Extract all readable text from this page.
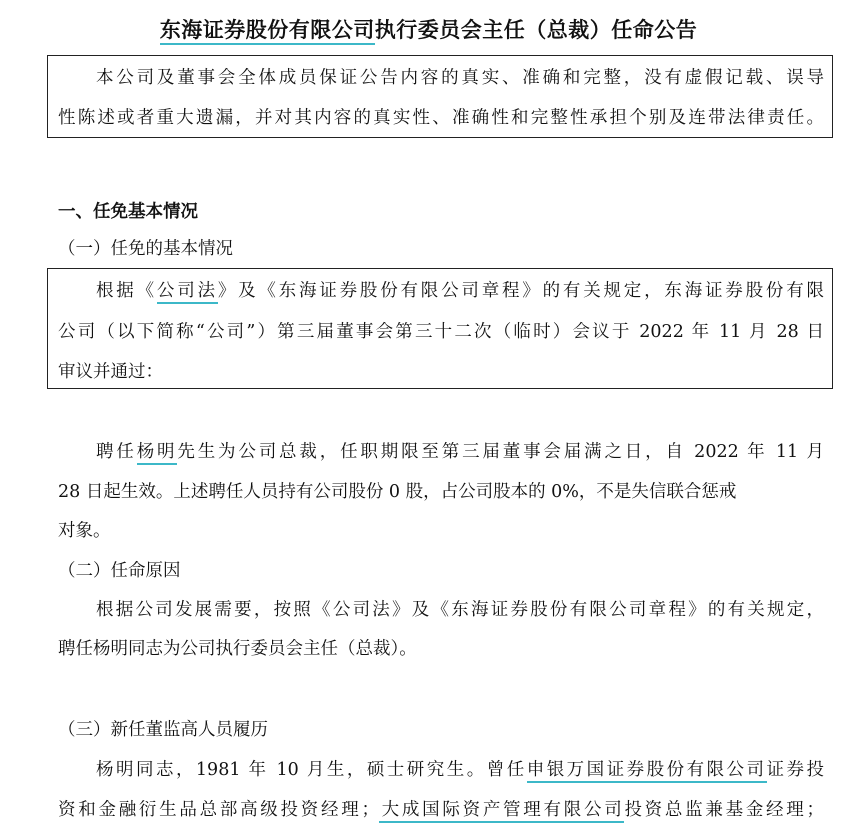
东海证券股份有限公司执行委员会主任（总裁）任命公告
本公司及董事会全体成员保证公告内容的真实、准确和完整，没有虚假记载、误导
性陈述或者重大遗漏，并对其内容的真实性、准确性和完整性承担个别及连带法律责任。
一、任免基本情况
（一）任免的基本情况
根据《公司法》及《东海证券股份有限公司章程》的有关规定，东海证券股份有限
公司（以下简称“公司”）第三届董事会第三十二次（临时）会议于 2022 年 11 月 28 日
审议并通过：
聘任杨明先生为公司总裁，任职期限至第三届董事会届满之日，自 2022 年 11 月
28 日起生效。上述聘任人员持有公司股份 0 股，占公司股本的 0%，不是失信联合惩戒
对象。
（二）任命原因
根据公司发展需要，按照《公司法》及《东海证券股份有限公司章程》的有关规定，
聘任杨明同志为公司执行委员会主任（总裁）。
（三）新任董监高人员履历
杨明同志，1981 年 10 月生，硕士研究生。曾任申银万国证券股份有限公司证券投
资和金融衍生品总部高级投资经理；大成国际资产管理有限公司投资总监兼基金经理；
